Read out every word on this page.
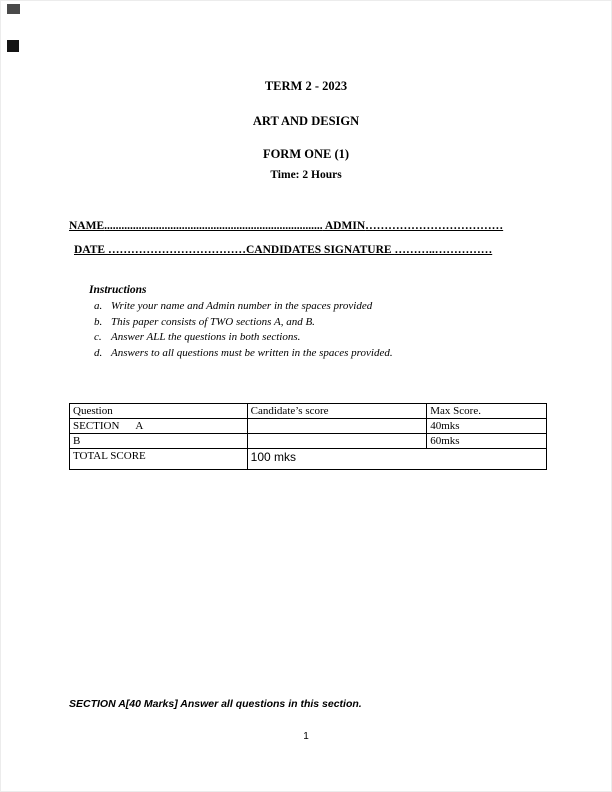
TERM 2 - 2023
ART AND DESIGN
FORM ONE (1)
Time: 2 Hours
NAME............................................................................ ADMIN………………………………
DATE ………………………………CANDIDATES SIGNATURE ………..……………
Instructions
a. Write your name and Admin number in the spaces provided
b. This paper consists of TWO sections A, and B.
c. Answer ALL the questions in both sections.
d. Answers to all questions must be written in the spaces provided.
Question	Candidate’s score	Max Score.
SECTION      A		40mks
B		60mks
TOTAL SCORE	100 mks	
SECTION A[40 Marks] Answer all questions in this section.
1
